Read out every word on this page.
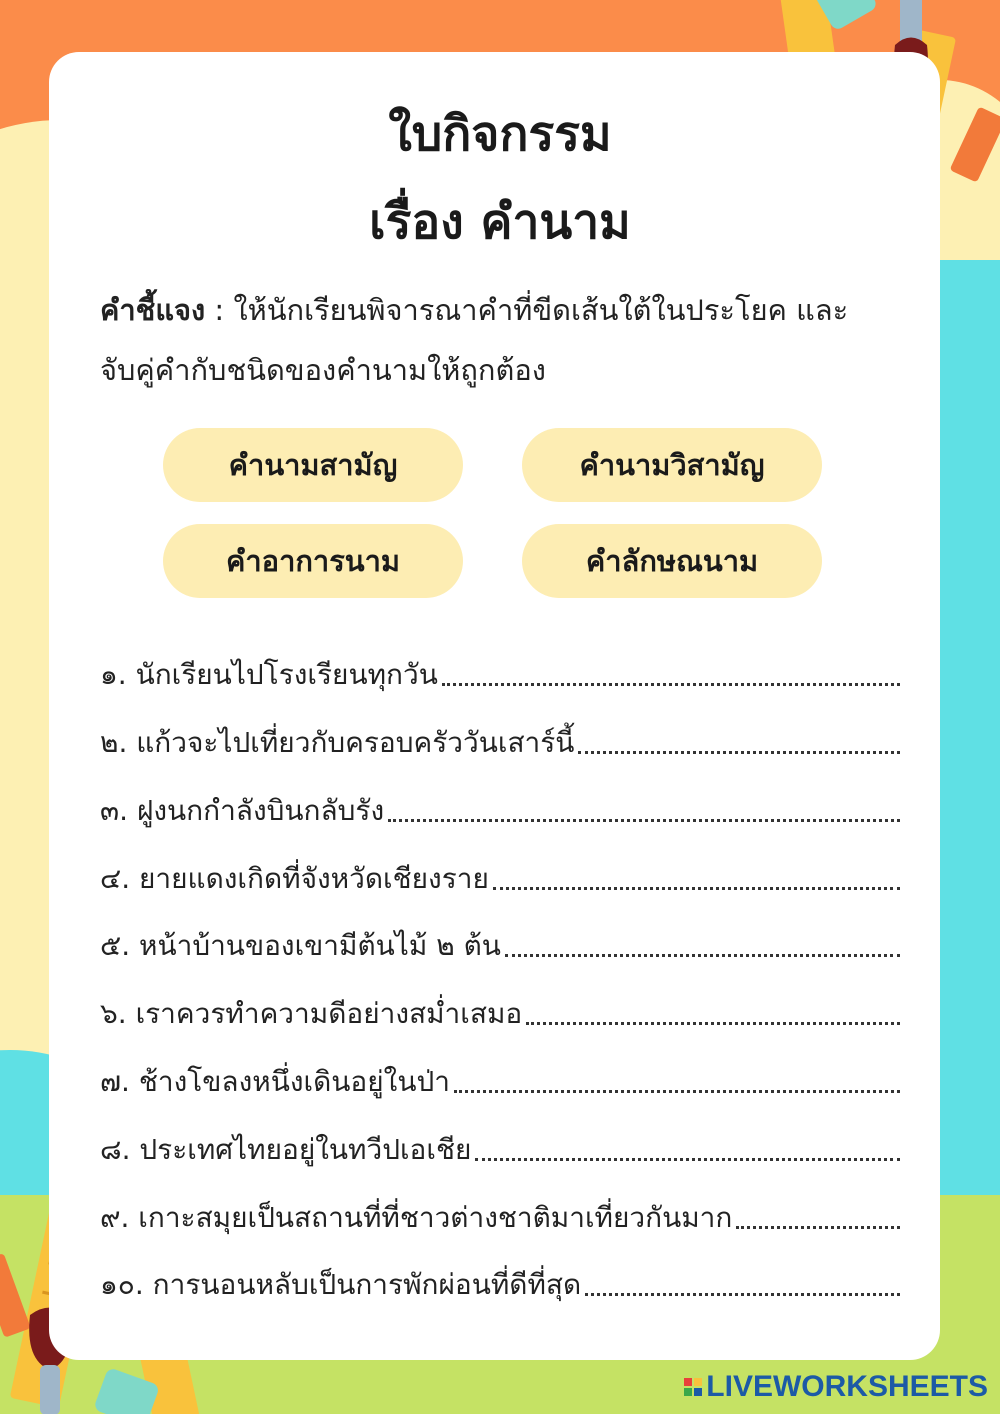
ใบกิจกรรม
เรื่อง คำนาม
คำชี้แจง : ให้นักเรียนพิจารณาคำที่ขีดเส้นใต้ในประโยค และ
จับคู่คำกับชนิดของคำนามให้ถูกต้อง
คำนามสามัญ	คำนามวิสามัญ
คำอาการนาม	คำลักษณนาม
๑. นักเรียนไปโรงเรียนทุกวัน
๒. แก้วจะไปเที่ยวกับครอบครัววันเสาร์นี้
๓. ฝูงนกกำลังบินกลับรัง
๔. ยายแดงเกิดที่จังหวัดเชียงราย
๕. หน้าบ้านของเขามีต้นไม้ ๒ ต้น
๖. เราควรทำความดีอย่างสม่ำเสมอ
๗. ช้างโขลงหนึ่งเดินอยู่ในป่า
๘. ประเทศไทยอยู่ในทวีปเอเชีย
๙. เกาะสมุยเป็นสถานที่ที่ชาวต่างชาติมาเที่ยวกันมาก
๑๐. การนอนหลับเป็นการพักผ่อนที่ดีที่สุด
LIVEWORKSHEETS
